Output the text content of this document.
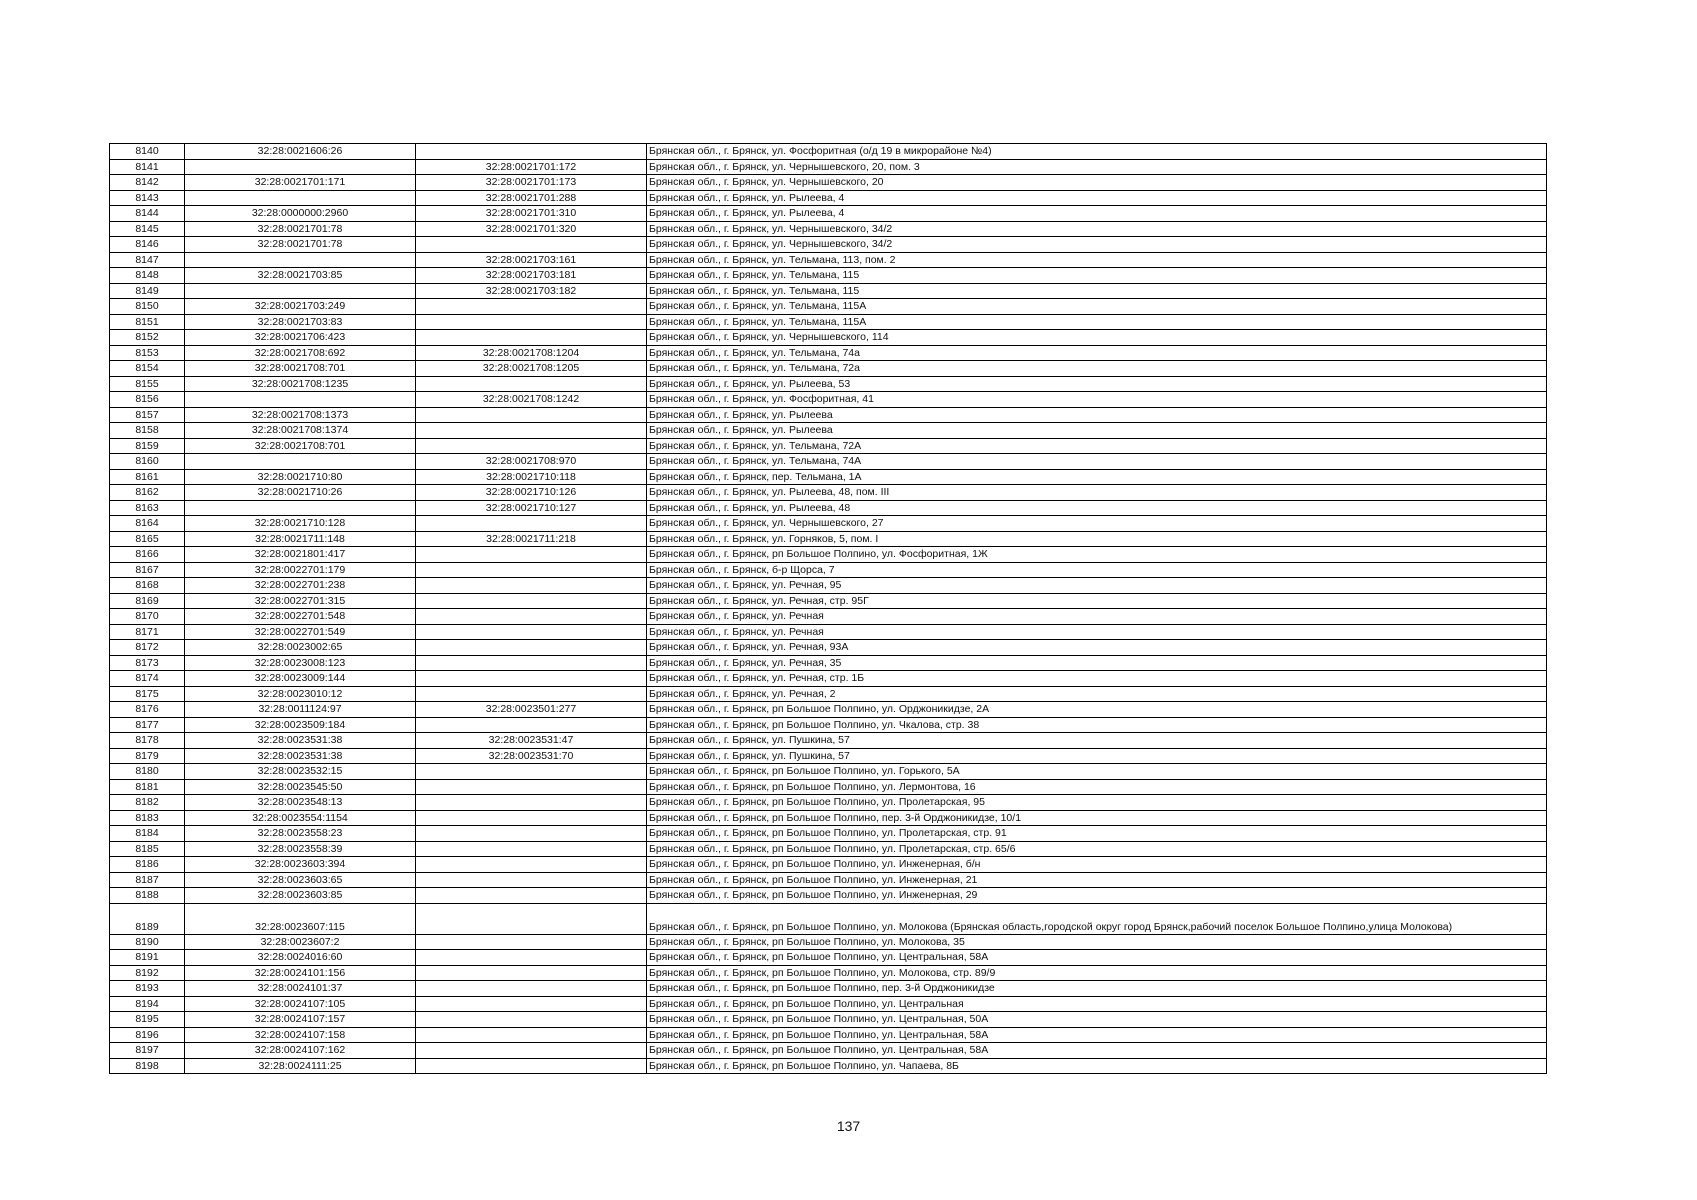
8140	32:28:0021606:26		Брянская обл., г. Брянск, ул. Фосфоритная (о/д 19 в микрорайоне №4)
8141		32:28:0021701:172	Брянская обл., г. Брянск, ул. Чернышевского, 20, пом. 3
8142	32:28:0021701:171	32:28:0021701:173	Брянская обл., г. Брянск, ул. Чернышевского, 20
8143		32:28:0021701:288	Брянская обл., г. Брянск, ул. Рылеева, 4
8144	32:28:0000000:2960	32:28:0021701:310	Брянская обл., г. Брянск, ул. Рылеева, 4
8145	32:28:0021701:78	32:28:0021701:320	Брянская обл., г. Брянск, ул. Чернышевского, 34/2
8146	32:28:0021701:78		Брянская обл., г. Брянск, ул. Чернышевского, 34/2
8147		32:28:0021703:161	Брянская обл., г. Брянск, ул. Тельмана, 113, пом. 2
8148	32:28:0021703:85	32:28:0021703:181	Брянская обл., г. Брянск, ул. Тельмана, 115
8149		32:28:0021703:182	Брянская обл., г. Брянск, ул. Тельмана, 115
8150	32:28:0021703:249		Брянская обл., г. Брянск, ул. Тельмана, 115А
8151	32:28:0021703:83		Брянская обл., г. Брянск, ул. Тельмана, 115А
8152	32:28:0021706:423		Брянская обл., г. Брянск, ул. Чернышевского, 114
8153	32:28:0021708:692	32:28:0021708:1204	Брянская обл., г. Брянск, ул. Тельмана, 74а
8154	32:28:0021708:701	32:28:0021708:1205	Брянская обл., г. Брянск, ул. Тельмана, 72а
8155	32:28:0021708:1235		Брянская обл., г. Брянск, ул. Рылеева, 53
8156		32:28:0021708:1242	Брянская обл., г. Брянск, ул. Фосфоритная, 41
8157	32:28:0021708:1373		Брянская обл., г. Брянск, ул. Рылеева
8158	32:28:0021708:1374		Брянская обл., г. Брянск, ул. Рылеева
8159	32:28:0021708:701		Брянская обл., г. Брянск, ул. Тельмана, 72А
8160		32:28:0021708:970	Брянская обл., г. Брянск, ул. Тельмана, 74А
8161	32:28:0021710:80	32:28:0021710:118	Брянская обл., г. Брянск, пер. Тельмана, 1А
8162	32:28:0021710:26	32:28:0021710:126	Брянская обл., г. Брянск, ул. Рылеева, 48, пом. III
8163		32:28:0021710:127	Брянская обл., г. Брянск, ул. Рылеева, 48
8164	32:28:0021710:128		Брянская обл., г. Брянск, ул. Чернышевского, 27
8165	32:28:0021711:148	32:28:0021711:218	Брянская обл., г. Брянск, ул. Горняков, 5, пом. I
8166	32:28:0021801:417		Брянская обл., г. Брянск, рп Большое Полпино, ул. Фосфоритная, 1Ж
8167	32:28:0022701:179		Брянская обл., г. Брянск, б-р Щорса, 7
8168	32:28:0022701:238		Брянская обл., г. Брянск, ул. Речная, 95
8169	32:28:0022701:315		Брянская обл., г. Брянск, ул. Речная, стр. 95Г
8170	32:28:0022701:548		Брянская обл., г. Брянск, ул. Речная
8171	32:28:0022701:549		Брянская обл., г. Брянск, ул. Речная
8172	32:28:0023002:65		Брянская обл., г. Брянск, ул. Речная, 93А
8173	32:28:0023008:123		Брянская обл., г. Брянск, ул. Речная, 35
8174	32:28:0023009:144		Брянская обл., г. Брянск, ул. Речная, стр. 1Б
8175	32:28:0023010:12		Брянская обл., г. Брянск, ул. Речная, 2
8176	32:28:0011124:97	32:28:0023501:277	Брянская обл., г. Брянск, рп Большое Полпино, ул. Орджоникидзе, 2А
8177	32:28:0023509:184		Брянская обл., г. Брянск, рп Большое Полпино, ул. Чкалова, стр. 38
8178	32:28:0023531:38	32:28:0023531:47	Брянская обл., г. Брянск, ул. Пушкина, 57
8179	32:28:0023531:38	32:28:0023531:70	Брянская обл., г. Брянск, ул. Пушкина, 57
8180	32:28:0023532:15		Брянская обл., г. Брянск, рп Большое Полпино, ул. Горького, 5А
8181	32:28:0023545:50		Брянская обл., г. Брянск, рп Большое Полпино, ул. Лермонтова, 16
8182	32:28:0023548:13		Брянская обл., г. Брянск, рп Большое Полпино, ул. Пролетарская, 95
8183	32:28:0023554:1154		Брянская обл., г. Брянск, рп Большое Полпино, пер. 3-й Орджоникидзе, 10/1
8184	32:28:0023558:23		Брянская обл., г. Брянск, рп Большое Полпино, ул. Пролетарская, стр. 91
8185	32:28:0023558:39		Брянская обл., г. Брянск, рп Большое Полпино, ул. Пролетарская, стр. 65/6
8186	32:28:0023603:394		Брянская обл., г. Брянск, рп Большое Полпино, ул. Инженерная, б/н
8187	32:28:0023603:65		Брянская обл., г. Брянск, рп Большое Полпино, ул. Инженерная, 21
8188	32:28:0023603:85		Брянская обл., г. Брянск, рп Большое Полпино, ул. Инженерная, 29
8189	32:28:0023607:115		Брянская обл., г. Брянск, рп Большое Полпино, ул. Молокова (Брянская область,городской округ город Брянск,рабочий поселок Большое Полпино,улица Молокова)
8190	32:28:0023607:2		Брянская обл., г. Брянск, рп Большое Полпино, ул. Молокова, 35
8191	32:28:0024016:60		Брянская обл., г. Брянск, рп Большое Полпино, ул. Центральная, 58А
8192	32:28:0024101:156		Брянская обл., г. Брянск, рп Большое Полпино, ул. Молокова, стр. 89/9
8193	32:28:0024101:37		Брянская обл., г. Брянск, рп Большое Полпино, пер. 3-й Орджоникидзе
8194	32:28:0024107:105		Брянская обл., г. Брянск, рп Большое Полпино, ул. Центральная
8195	32:28:0024107:157		Брянская обл., г. Брянск, рп Большое Полпино, ул. Центральная, 50А
8196	32:28:0024107:158		Брянская обл., г. Брянск, рп Большое Полпино, ул. Центральная, 58А
8197	32:28:0024107:162		Брянская обл., г. Брянск, рп Большое Полпино, ул. Центральная, 58А
8198	32:28:0024111:25		Брянская обл., г. Брянск, рп Большое Полпино, ул. Чапаева, 8Б
137
